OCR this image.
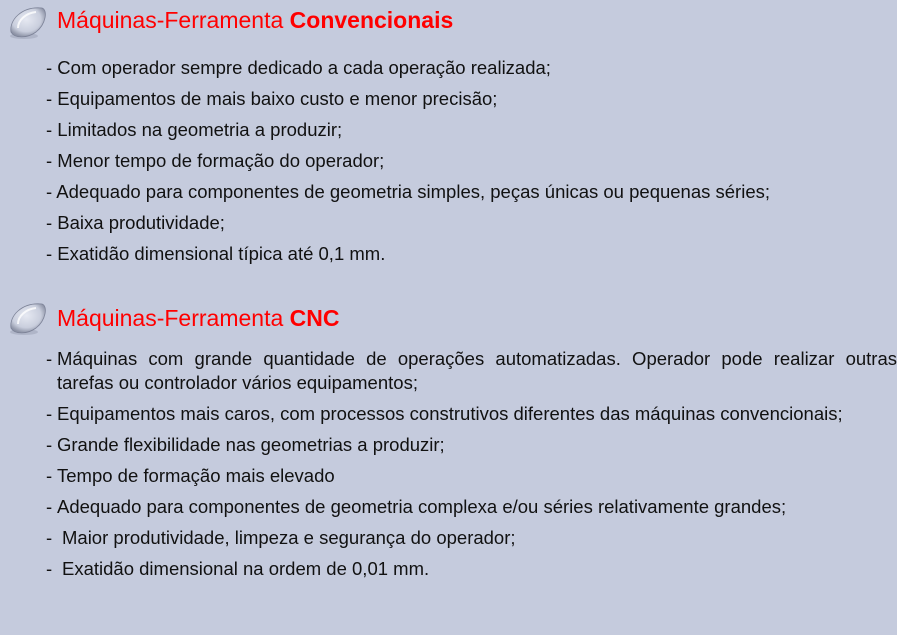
Máquinas-Ferramenta Convencionais
- Com operador sempre dedicado a cada operação realizada;
- Equipamentos de mais baixo custo e menor precisão;
- Limitados na geometria a produzir;
- Menor tempo de formação do operador;
- Adequado para componentes de geometria simples, peças únicas ou pequenas séries;
- Baixa produtividade;
- Exatidão dimensional típica até 0,1 mm.
Máquinas-Ferramenta CNC
- Máquinas com grande quantidade de operações automatizadas. Operador pode realizar outras tarefas ou controlador vários equipamentos;
- Equipamentos mais caros, com processos construtivos diferentes das máquinas convencionais;
- Grande flexibilidade nas geometrias a produzir;
- Tempo de formação mais elevado
- Adequado para componentes de geometria complexa e/ou séries relativamente grandes;
- Maior produtividade, limpeza e segurança do operador;
- Exatidão dimensional na ordem de 0,01 mm.
